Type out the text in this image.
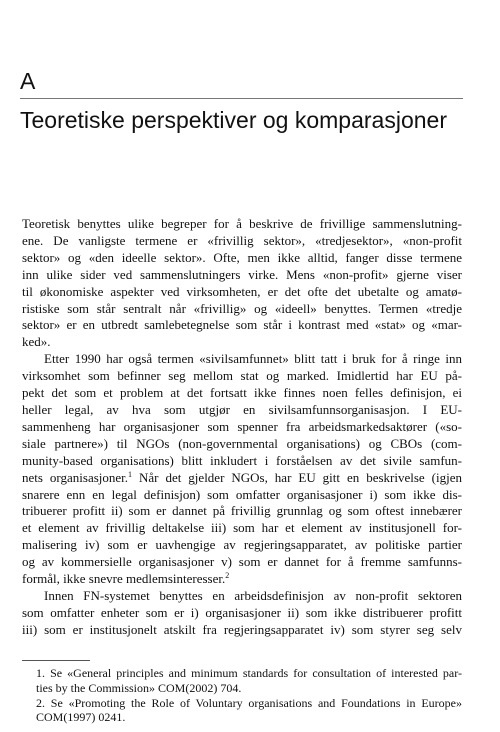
A
Teoretiske perspektiver og komparasjoner

Teoretisk benyttes ulike begreper for å beskrive de frivillige sammenslutning-
ene. De vanligste termene er «frivillig sektor», «tredjesektor», «non-profit
sektor» og «den ideelle sektor». Ofte, men ikke alltid, fanger disse termene
inn ulike sider ved sammenslutningers virke. Mens «non-profit» gjerne viser
til økonomiske aspekter ved virksomheten, er det ofte det ubetalte og amatø-
ristiske som står sentralt når «frivillig» og «ideell» benyttes. Termen «tredje
sektor» er en utbredt samlebetegnelse som står i kontrast med «stat» og «mar-
ked».

Etter 1990 har også termen «sivilsamfunnet» blitt tatt i bruk for å ringe inn
virksomhet som befinner seg mellom stat og marked. Imidlertid har EU på-
pekt det som et problem at det fortsatt ikke finnes noen felles definisjon, ei
heller legal, av hva som utgjør en sivilsamfunnsorganisasjon. I EU-
sammenheng har organisasjoner som spenner fra arbeidsmarkedsaktører («so-
siale partnere») til NGOs (non-governmental organisations) og CBOs (com-
munity-based organisations) blitt inkludert i forståelsen av det sivile samfun-
nets organisasjoner.$^1$ Når det gjelder NGOs, har EU gitt en beskrivelse (igjen
snarere enn en legal definisjon) som omfatter organisasjoner i) som ikke dis-
tribuerer profitt ii) som er dannet på frivillig grunnlag og som oftest innebærer
et element av frivillig deltakelse iii) som har et element av institusjonell for-
malisering iv) som er uavhengige av regjeringsapparatet, av politiske partier
og av kommersielle organisasjoner v) som er dannet for å fremme samfunns-
formål, ikke snevre medlemsinteresser.$^2$

Innen FN-systemet benyttes en arbeidsdefinisjon av non-profit sektoren
som omfatter enheter som er i) organisasjoner ii) som ikke distribuerer profitt
iii) som er institusjonelt atskilt fra regjeringsapparatet iv) som styrer seg selv

1. Se «General principles and minimum standards for consultation of interested par-
ties by the Commission» COM(2002) 704.

2. Se «Promoting the Role of Voluntary organisations and Foundations in Europe»
COM(1997) 0241.
